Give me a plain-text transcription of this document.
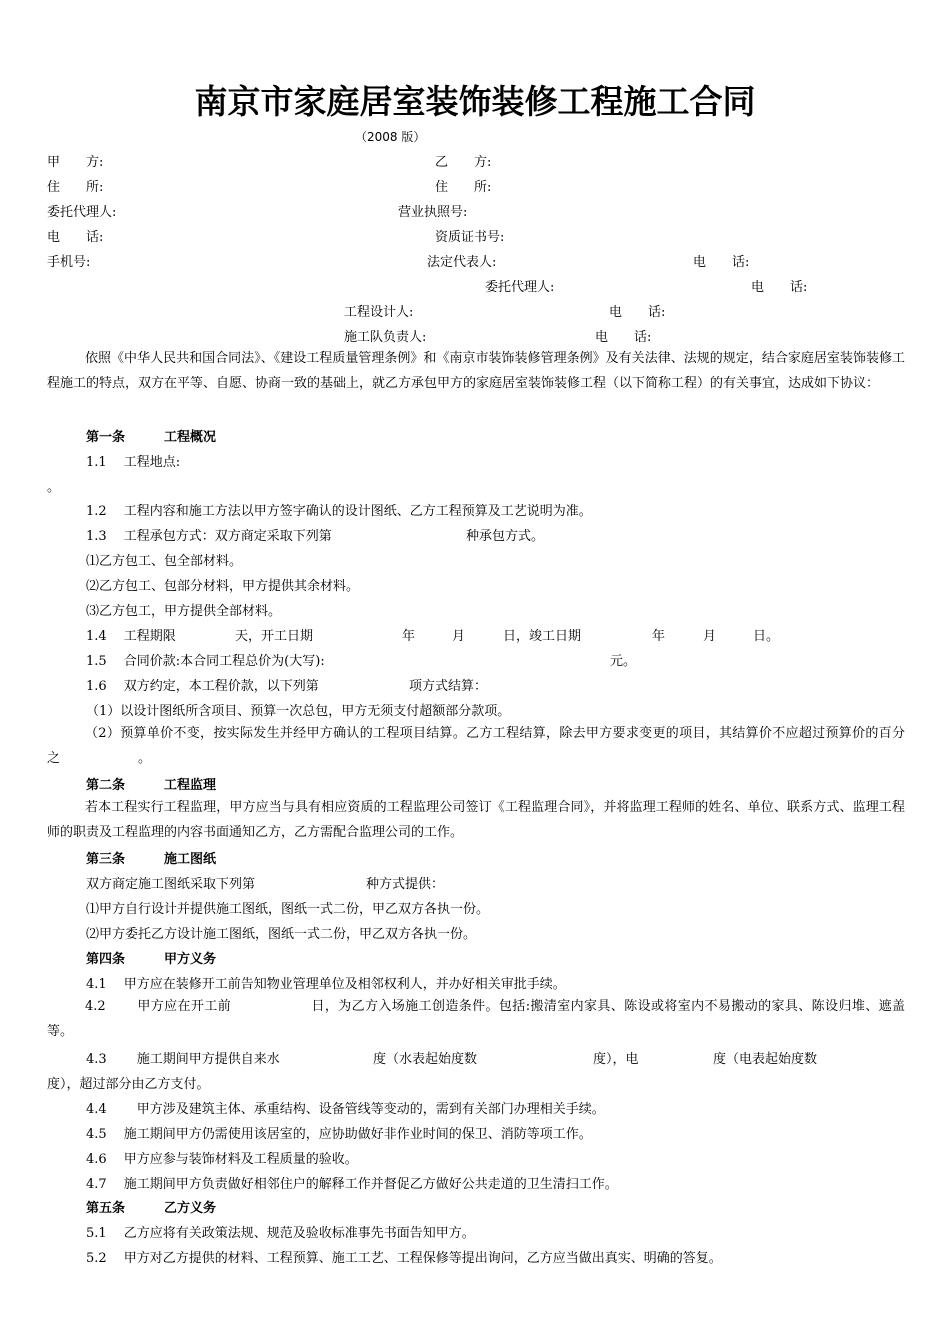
南京市家庭居室装饰装修工程施工合同
（2008 版）
甲　　方:	乙　　方:
住　　所:	住　　所:
委托代理人:	营业执照号:
电　　话:	资质证书号:
手机号:	法定代表人:	电　　话:
委托代理人:	电　　话:
工程设计人:	电　　话:
施工队负责人:	电　　话:
依照《中华人民共和国合同法》、《建设工程质量管理条例》和《南京市装饰装修管理条例》及有关法律、法规的规定，结合家庭居室装饰装修工程施工的特点，双方在平等、自愿、协商一致的基础上，就乙方承包甲方的家庭居室装饰装修工程（以下简称工程）的有关事宜，达成如下协议：
第一条　　　工程概况
1.1　 工程地点:
。
1.2　 工程内容和施工方法以甲方签字确认的设计图纸、乙方工程预算及工艺说明为准。
1.3　 工程承包方式：双方商定采取下列第	种承包方式。
⑴乙方包工、包全部材料。
⑵乙方包工、包部分材料，甲方提供其余材料。
⑶乙方包工，甲方提供全部材料。
1.4　 工程期限	天，开工日期	年	月	日，竣工日期	年	月	日。
1.5　 合同价款:本合同工程总价为(大写):	元。
1.6　 双方约定，本工程价款，以下列第	项方式结算：
（1）以设计图纸所含项目、预算一次总包，甲方无须支付超额部分款项。
（2）预算单价不变，按实际发生并经甲方确认的工程项目结算。乙方工程结算，除去甲方要求变更的项目，其结算价不应超过预算价的百分之　　　　　　。
第二条　　　工程监理
若本工程实行工程监理，甲方应当与具有相应资质的工程监理公司签订《工程监理合同》，并将监理工程师的姓名、单位、联系方式、监理工程师的职责及工程监理的内容书面通知乙方，乙方需配合监理公司的工作。
第三条　　　施工图纸
双方商定施工图纸采取下列第	种方式提供：
⑴甲方自行设计并提供施工图纸，图纸一式二份，甲乙双方各执一份。
⑵甲方委托乙方设计施工图纸，图纸一式二份，甲乙双方各执一份。
第四条　　　甲方义务
4.1　 甲方应在装修开工前告知物业管理单位及相邻权利人，并办好相关审批手续。
4.2　　 甲方应在开工前　　　　　　日，为乙方入场施工创造条件。包括:搬清室内家具、陈设或将室内不易搬动的家具、陈设归堆、遮盖等。
4.3　　 施工期间甲方提供自来水	度（水表起始度数	度），电	度（电表起始度数
度），超过部分由乙方支付。
4.4　　 甲方涉及建筑主体、承重结构、设备管线等变动的，需到有关部门办理相关手续。
4.5　 施工期间甲方仍需使用该居室的，应协助做好非作业时间的保卫、消防等项工作。
4.6　 甲方应参与装饰材料及工程质量的验收。
4.7　 施工期间甲方负责做好相邻住户的解释工作并督促乙方做好公共走道的卫生清扫工作。
第五条　　　乙方义务
5.1　 乙方应将有关政策法规、规范及验收标准事先书面告知甲方。
5.2　 甲方对乙方提供的材料、工程预算、施工工艺、工程保修等提出询问，乙方应当做出真实、明确的答复。
